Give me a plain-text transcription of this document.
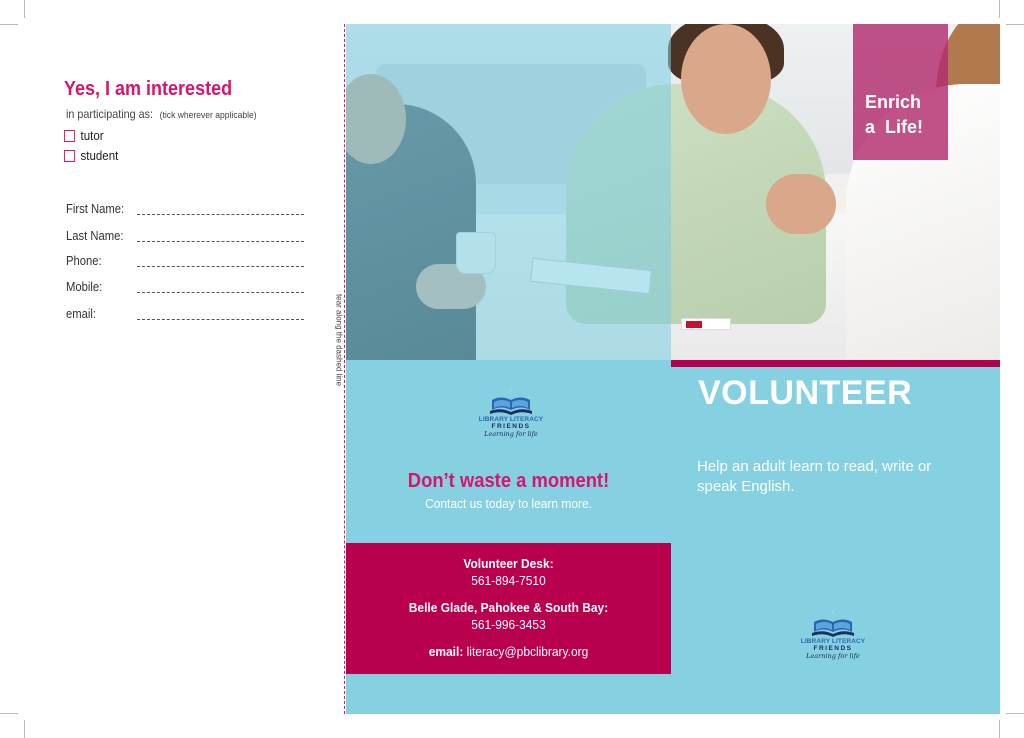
Yes, I am interested
in participating as: (tick wherever applicable)
tutor
student
First Name:
Last Name:
Phone:
Mobile:
email:	tear along the dashed line
Enrich
a  Life!
LIBRARY LITERACY
FRIENDS
Learning for life
Don’t waste a moment!
Contact us today to learn more.
Volunteer Desk:
561-894-7510
Belle Glade, Pahokee & South Bay:
561-996-3453
email: literacy@pbclibrary.org
VOLUNTEER
Help an adult learn to read, write or speak English.
LIBRARY LITERACY
FRIENDS
Learning for life
